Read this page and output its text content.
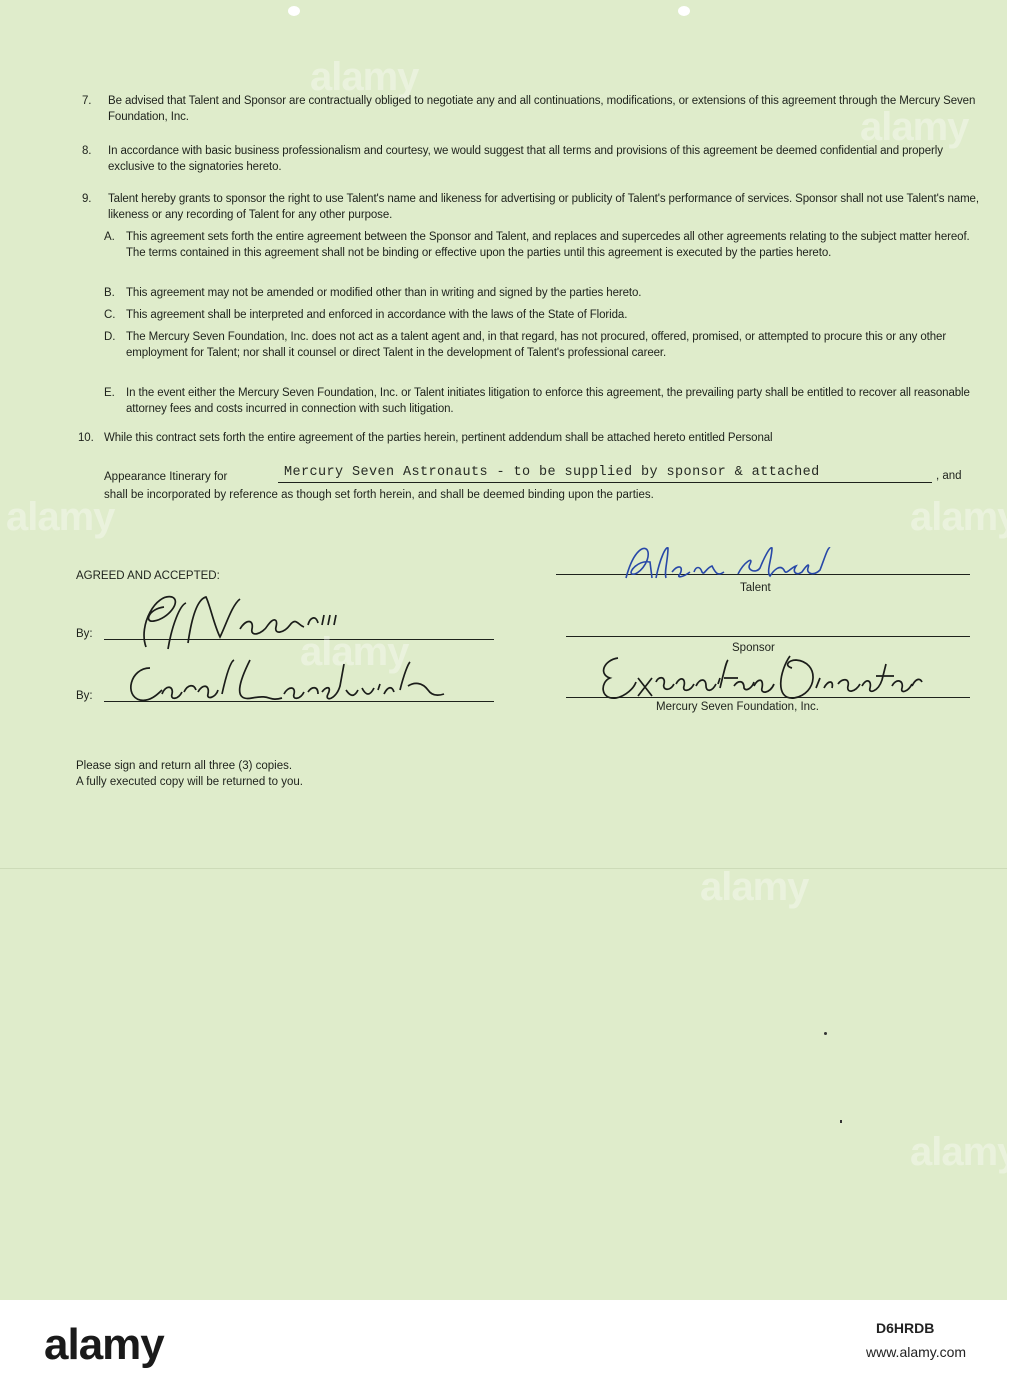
7. Be advised that Talent and Sponsor are contractually obliged to negotiate any and all continuations, modifications, or extensions of this agreement through the Mercury Seven Foundation, Inc.
8. In accordance with basic business professionalism and courtesy, we would suggest that all terms and provisions of this agreement be deemed confidential and properly exclusive to the signatories hereto.
9. Talent hereby grants to sponsor the right to use Talent's name and likeness for advertising or publicity of Talent's performance of services. Sponsor shall not use Talent's name, likeness or any recording of Talent for any other purpose.
A. This agreement sets forth the entire agreement between the Sponsor and Talent, and replaces and supercedes all other agreements relating to the subject matter hereof. The terms contained in this agreement shall not be binding or effective upon the parties until this agreement is executed by the parties hereto.
B. This agreement may not be amended or modified other than in writing and signed by the parties hereto.
C. This agreement shall be interpreted and enforced in accordance with the laws of the State of Florida.
D. The Mercury Seven Foundation, Inc. does not act as a talent agent and, in that regard, has not procured, offered, promised, or attempted to procure this or any other employment for Talent; nor shall it counsel or direct Talent in the development of Talent's professional career.
E. In the event either the Mercury Seven Foundation, Inc. or Talent initiates litigation to enforce this agreement, the prevailing party shall be entitled to recover all reasonable attorney fees and costs incurred in connection with such litigation.
10. While this contract sets forth the entire agreement of the parties herein, pertinent addendum shall be attached hereto entitled Personal
Appearance Itinerary for	Mercury Seven Astronauts - to be supplied by sponsor & attached	, and
shall be incorporated by reference as though set forth herein, and shall be deemed binding upon the parties.
AGREED AND ACCEPTED:
By:
By:
Talent
Sponsor
Mercury Seven Foundation, Inc.
Please sign and return all three (3) copies.
A fully executed copy will be returned to you.
alamy
alamy
alamy
alamy
alamy
alamy
alamy
alamy	D6HRDB
www.alamy.com
